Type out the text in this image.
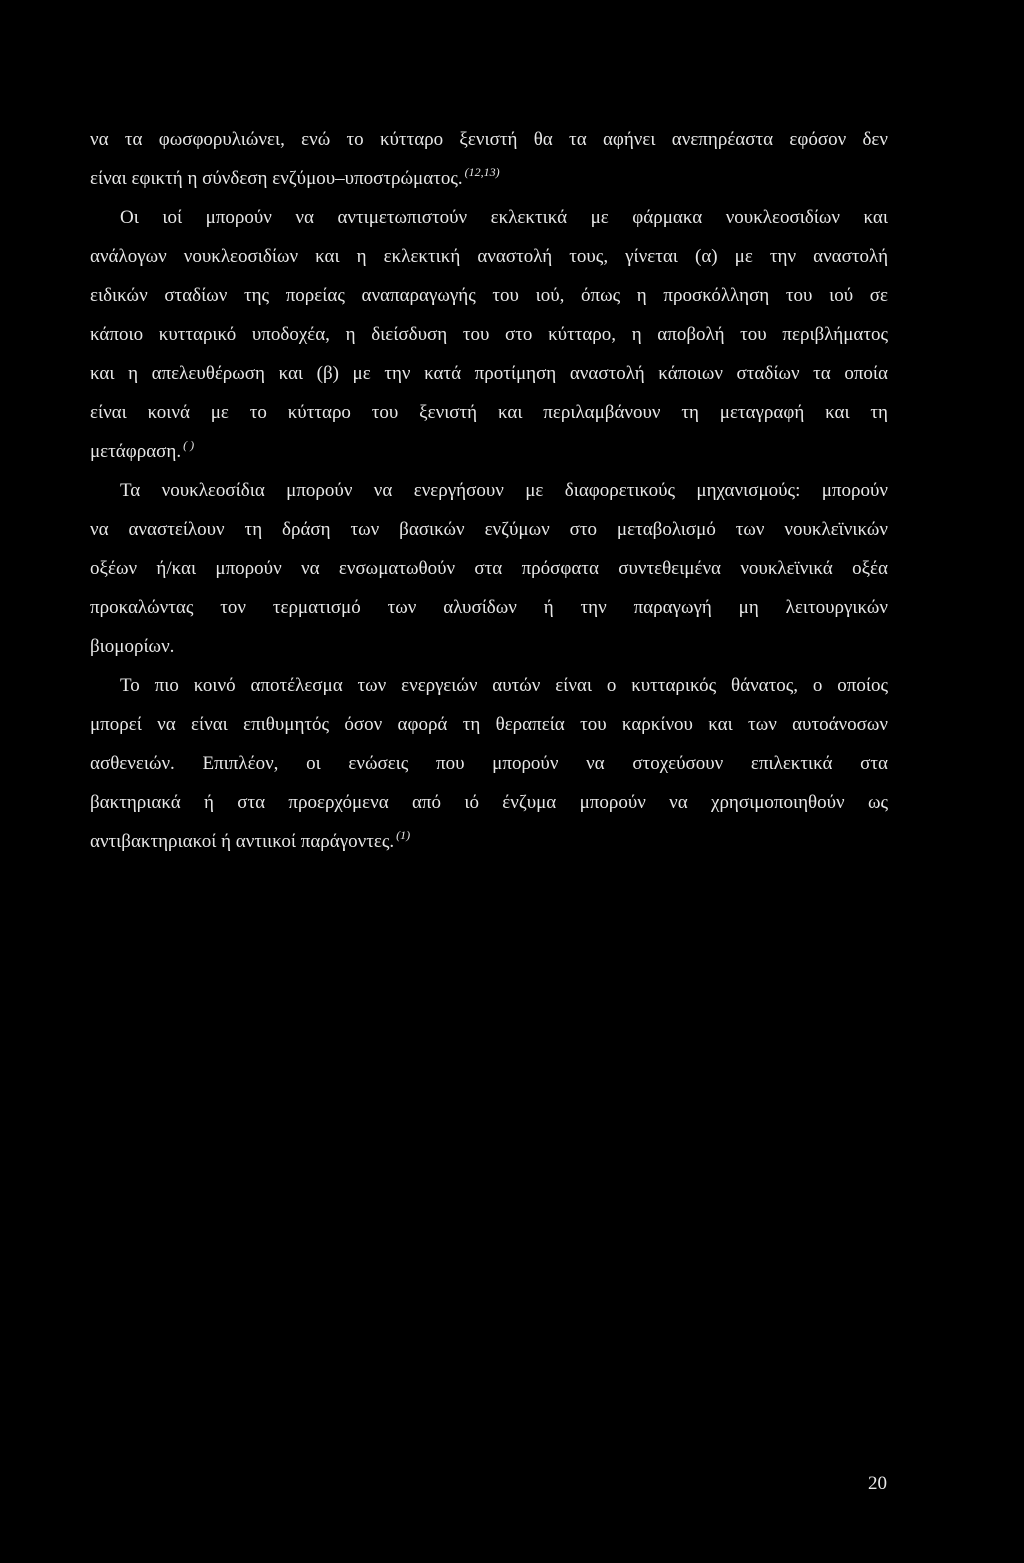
να τα φωσφορυλιώνει, ενώ το κύτταρο ξενιστή θα τα αφήνει ανεπηρέαστα εφόσον δεν
είναι εφικτή η σύνδεση ενζύμου–υποστρώματος. $^{(12,13)}$
Οι ιοί μπορούν να αντιμετωπιστούν εκλεκτικά με φάρμακα νουκλεοσιδίων και
ανάλογων νουκλεοσιδίων και η εκλεκτική αναστολή τους, γίνεται (α) με την αναστολή
ειδικών σταδίων της πορείας αναπαραγωγής του ιού, όπως η προσκόλληση του ιού σε
κάποιο κυτταρικό υποδοχέα, η διείσδυση του στο κύτταρο, η αποβολή του περιβλήματος
και η απελευθέρωση και (β) με την κατά προτίμηση αναστολή κάποιων σταδίων τα οποία
είναι κοινά με το κύτταρο του ξενιστή και περιλαμβάνουν τη μεταγραφή και τη
μετάφραση. ( )
Τα νουκλεοσίδια μπορούν να ενεργήσουν με διαφορετικούς μηχανισμούς: μπορούν
να αναστείλουν τη δράση των βασικών ενζύμων στο μεταβολισμό των νουκλεϊνικών
οξέων ή/και μπορούν να ενσωματωθούν στα πρόσφατα συντεθειμένα νουκλεϊνικά οξέα
προκαλώντας τον τερματισμό των αλυσίδων ή την παραγωγή μη λειτουργικών
βιομορίων.
Το πιο κοινό αποτέλεσμα των ενεργειών αυτών είναι ο κυτταρικός θάνατος, ο οποίος
μπορεί να είναι επιθυμητός όσον αφορά τη θεραπεία του καρκίνου και των αυτοάνοσων
ασθενειών. Επιπλέον, οι ενώσεις που μπορούν να στοχεύσουν επιλεκτικά στα
βακτηριακά ή στα προερχόμενα από ιό ένζυμα μπορούν να χρησιμοποιηθούν ως
αντιβακτηριακοί ή αντιικοί παράγοντες. $^{(1)}$
20
